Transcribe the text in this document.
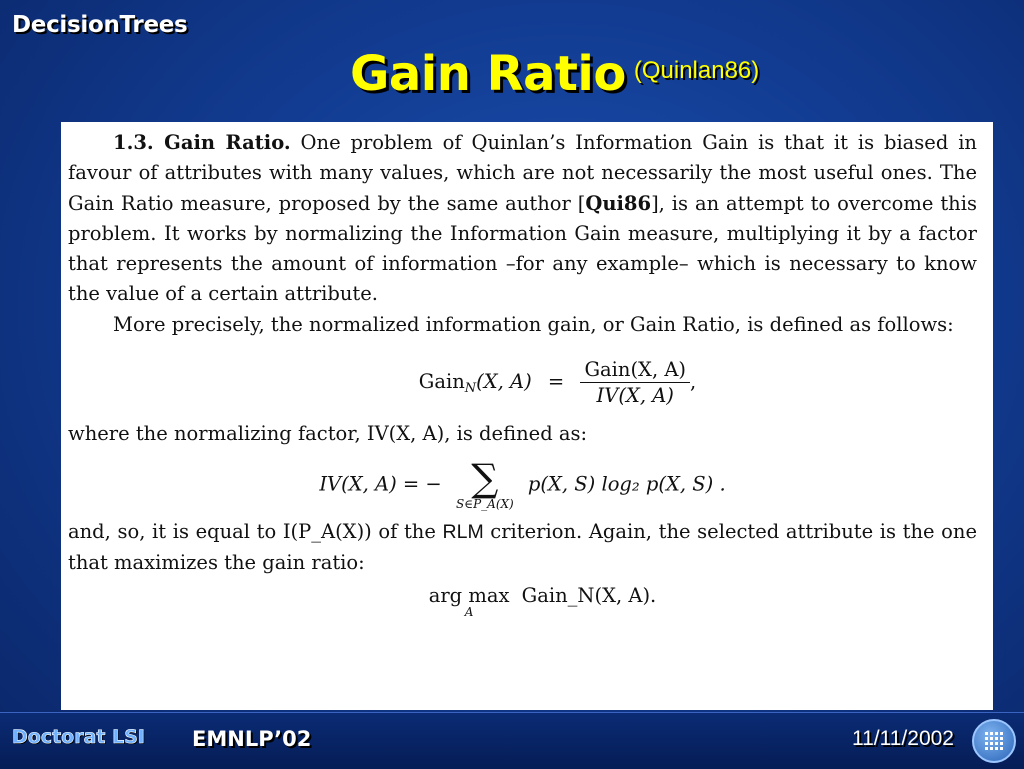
DecisionTrees
Gain Ratio (Quinlan86)

1.3. Gain Ratio. One problem of Quinlan’s Information Gain is that it is biased in favour of attributes with many values, which are not necessarily the most useful ones. The Gain Ratio measure, proposed by the same author [Qui86], is an attempt to overcome this problem. It works by normalizing the Information Gain measure, multiplying it by a factor that represents the amount of information –for any example– which is necessary to know the value of a certain attribute.

More precisely, the normalized information gain, or Gain Ratio, is defined as follows:

Gain$_N$(X, $A) = \frac{\text{Gain(X, A)}}{IV(X, A)}$ ,

where the normalizing factor, IV(X, A), is defined as:

IV(X, A) = − ∑
S∈P_A(X)
p(X, S) log₂ p(X, S) .

and, so, it is equal to I(P_A(X)) of the RLM criterion. Again, the selected attribute is the one that maximizes the gain ratio:

arg max
A
Gain_N(X, A).
Doctorat LSI EMNLP’02	11/11/2002
